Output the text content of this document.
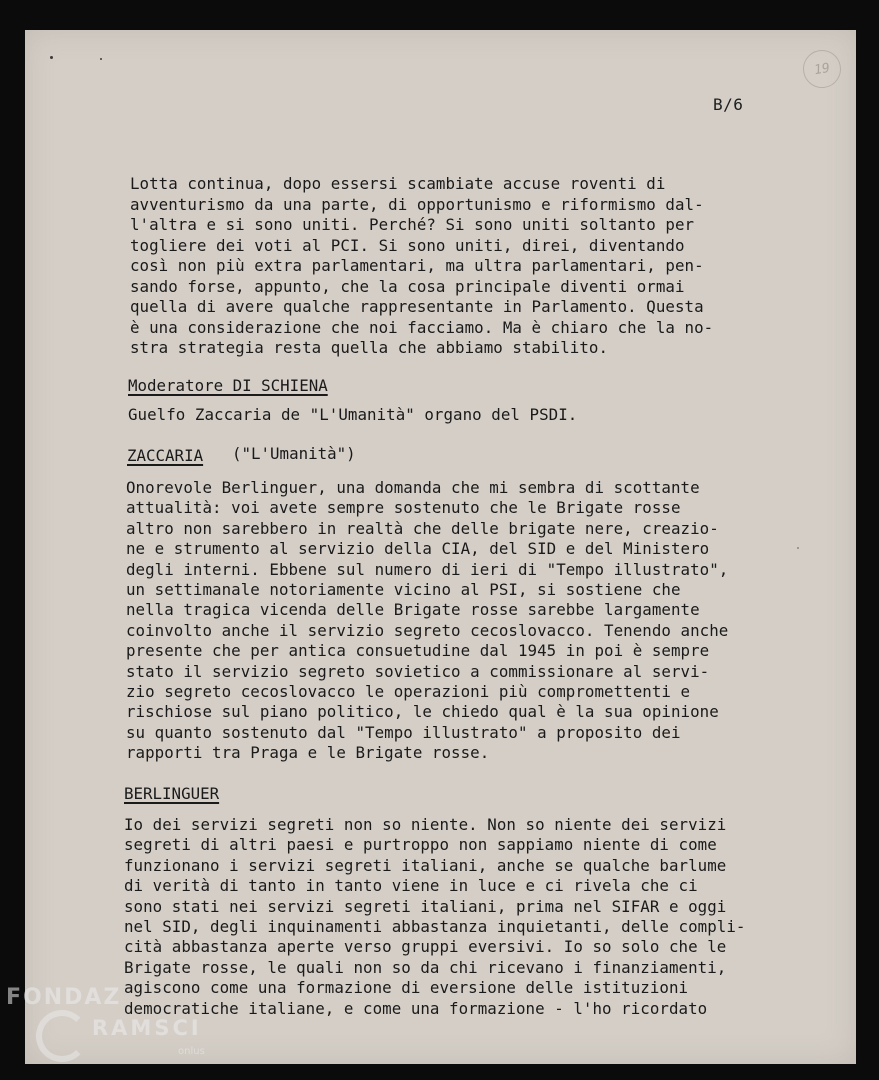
19
B/6
Lotta continua, dopo essersi scambiate accuse roventi di
avventurismo da una parte, di opportunismo e riformismo dal-
l'altra e si sono uniti. Perché? Si sono uniti soltanto per
togliere dei voti al PCI. Si sono uniti, direi, diventando
così non più extra parlamentari, ma ultra parlamentari, pen-
sando forse, appunto, che la cosa principale diventi ormai
quella di avere qualche rappresentante in Parlamento. Questa
è una considerazione che noi facciamo. Ma è chiaro che la no-
stra strategia resta quella che abbiamo stabilito.
Moderatore DI SCHIENA
Guelfo Zaccaria de "L'Umanità" organo del PSDI.
ZACCARIA ("L'Umanità")
Onorevole Berlinguer, una domanda che mi sembra di scottante
attualità: voi avete sempre sostenuto che le Brigate rosse
altro non sarebbero in realtà che delle brigate nere, creazio-
ne e strumento al servizio della CIA, del SID e del Ministero
degli interni. Ebbene sul numero di ieri di "Tempo illustrato",
un settimanale notoriamente vicino al PSI, si sostiene che
nella tragica vicenda delle Brigate rosse sarebbe largamente
coinvolto anche il servizio segreto cecoslovacco. Tenendo anche
presente che per antica consuetudine dal 1945 in poi è sempre
stato il servizio segreto sovietico a commissionare al servi-
zio segreto cecoslovacco le operazioni più compromettenti e
rischiose sul piano politico, le chiedo qual è la sua opinione
su quanto sostenuto dal "Tempo illustrato" a proposito dei
rapporti tra Praga e le Brigate rosse.
BERLINGUER
Io dei servizi segreti non so niente. Non so niente dei servizi
segreti di altri paesi e purtroppo non sappiamo niente di come
funzionano i servizi segreti italiani, anche se qualche barlume
di verità di tanto in tanto viene in luce e ci rivela che ci
sono stati nei servizi segreti italiani, prima nel SIFAR e oggi
nel SID, degli inquinamenti abbastanza inquietanti, delle compli-
cità abbastanza aperte verso gruppi eversivi. Io so solo che le
Brigate rosse, le quali non so da chi ricevano i finanziamenti,
agiscono come una formazione di eversione delle istituzioni
democratiche italiane, e come una formazione - l'ho ricordato
FONDAZ
RAMSCI
onlus
